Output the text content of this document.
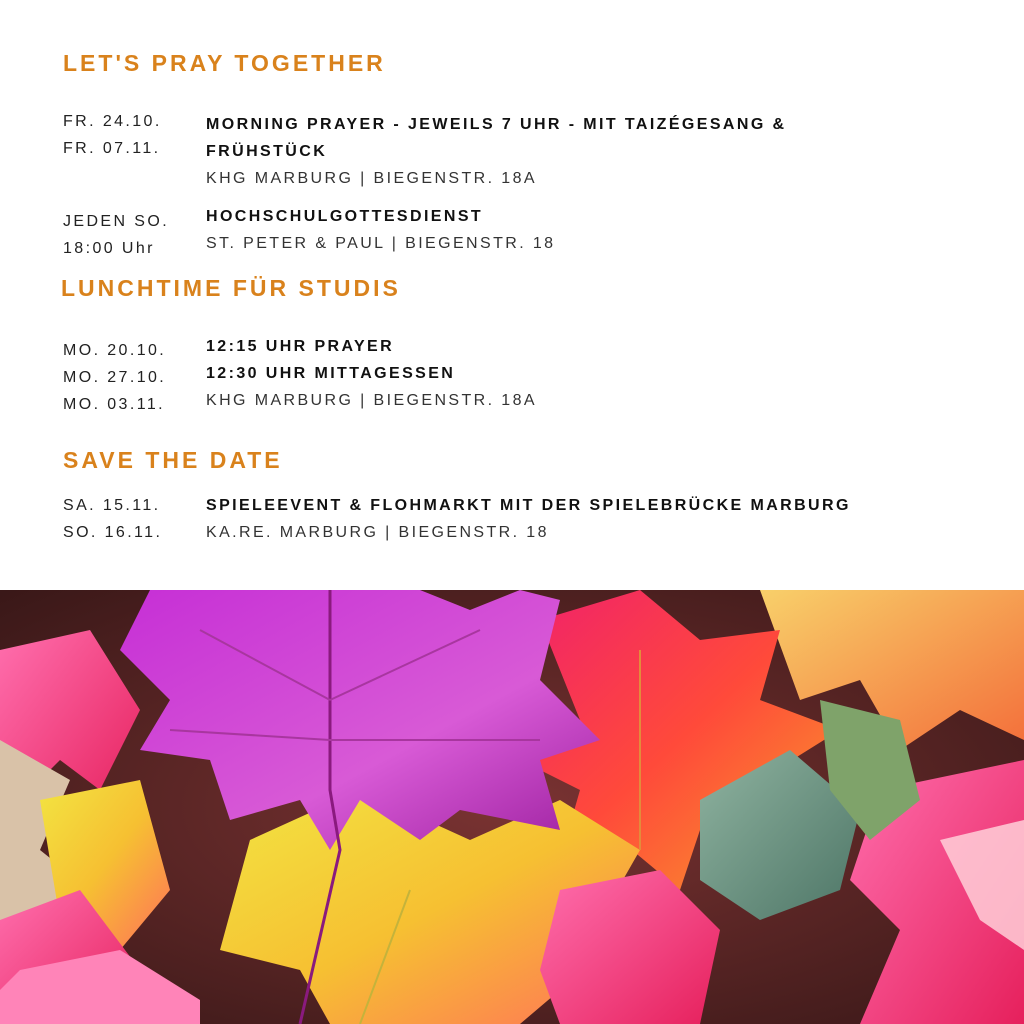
LET'S PRAY TOGETHER
FR. 24.10.
FR. 07.11.
MORNING PRAYER - JEWEILS 7 UHR - MIT TAIZÉGESANG &
FRÜHSTÜCK
KHG MARBURG | BIEGENSTR. 18A
JEDEN SO.
18:00 Uhr
HOCHSCHULGOTTESDIENST
ST. PETER & PAUL | BIEGENSTR. 18
LUNCHTIME FÜR STUDIS
MO. 20.10.
MO. 27.10.
MO. 03.11.
12:15 UHR PRAYER
12:30 UHR MITTAGESSEN
KHG MARBURG | BIEGENSTR. 18A
SAVE THE DATE
SA. 15.11.
SO. 16.11.
SPIELEEVENT & FLOHMARKT MIT DER SPIELEBRÜCKE MARBURG
KA.RE. MARBURG | BIEGENSTR. 18
